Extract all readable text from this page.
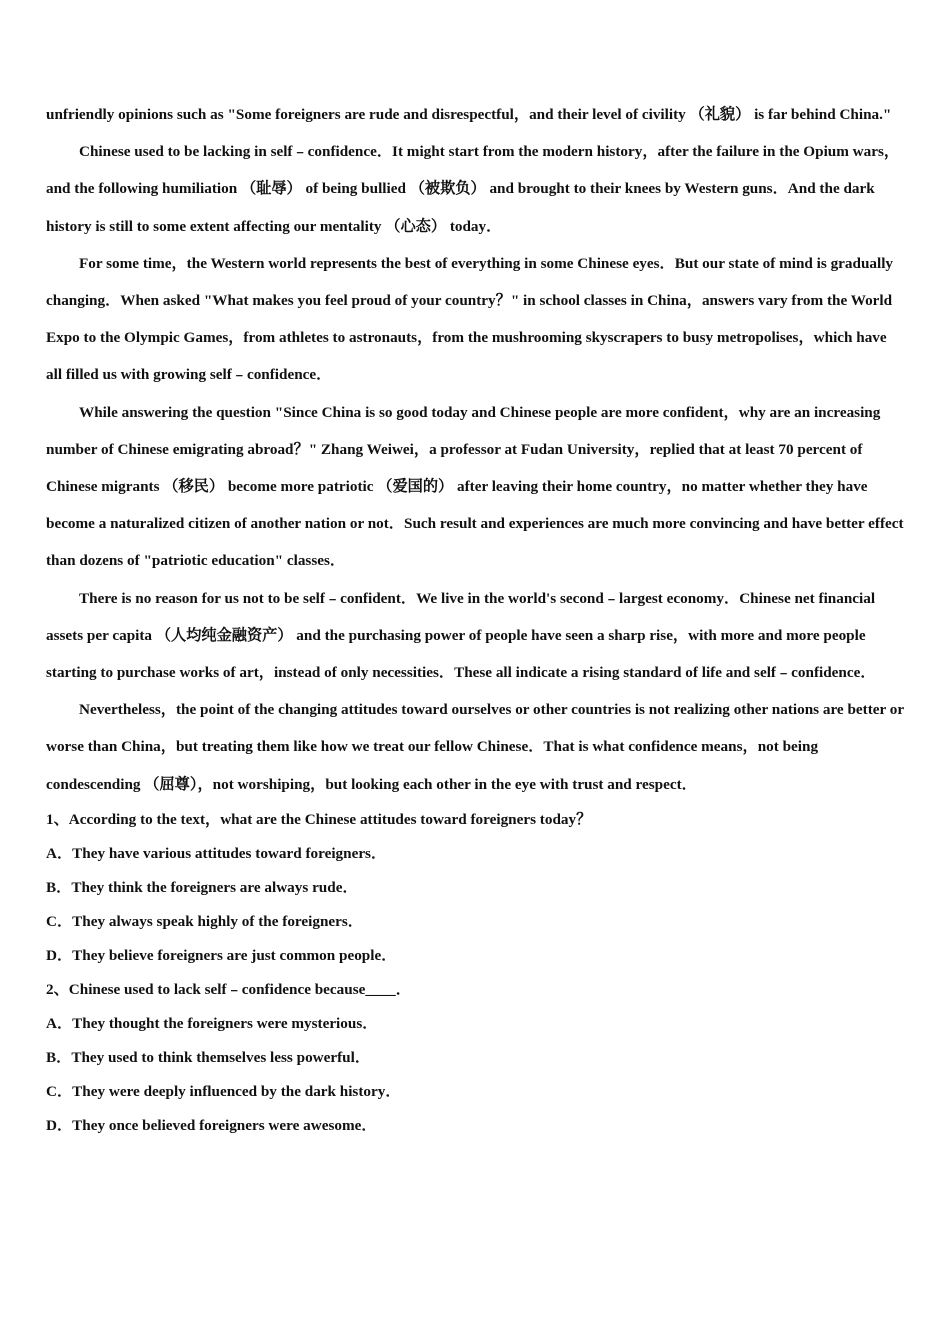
unfriendly opinions such as "Some foreigners are rude and disrespectful，and their level of civility （礼貌） is far behind China."

Chinese used to be lacking in self﹣confidence．It might start from the modern history，after the failure in the Opium wars，and the following humiliation （耻辱） of being bullied （被欺负） and brought to their knees by Western guns．And the dark history is still to some extent affecting our mentality （心态） today．

For some time，the Western world represents the best of everything in some Chinese eyes．But our state of mind is gradually changing．When asked "What makes you feel proud of your country？" in school classes in China，answers vary from the World Expo to the Olympic Games，from athletes to astronauts，from the mushrooming skyscrapers to busy metropolises，which have all filled us with growing self﹣confidence．

While answering the question "Since China is so good today and Chinese people are more confident，why are an increasing number of Chinese emigrating abroad？" Zhang Weiwei，a professor at Fudan University，replied that at least 70 percent of Chinese migrants （移民） become more patriotic （爱国的） after leaving their home country，no matter whether they have become a naturalized citizen of another nation or not．Such result and experiences are much more convincing and have better effect than dozens of "patriotic education" classes．

There is no reason for us not to be self﹣confident．We live in the world's second﹣largest economy．Chinese net financial assets per capita （人均纯金融资产） and the purchasing power of people have seen a sharp rise，with more and more people starting to purchase works of art，instead of only necessities．These all indicate a rising standard of life and self﹣confidence．

Nevertheless，the point of the changing attitudes toward ourselves or other countries is not realizing other nations are better or worse than China，but treating them like how we treat our fellow Chinese．That is what confidence means，not being condescending （屈尊），not worshiping，but looking each other in the eye with trust and respect．

1、According to the text，what are the Chinese attitudes toward foreigners today？

A．They have various attitudes toward foreigners．

B．They think the foreigners are always rude．

C．They always speak highly of the foreigners．

D．They believe foreigners are just common people．

2、Chinese used to lack self﹣confidence because____．

A．They thought the foreigners were mysterious．

B．They used to think themselves less powerful．

C．They were deeply influenced by the dark history．

D．They once believed foreigners were awesome．
